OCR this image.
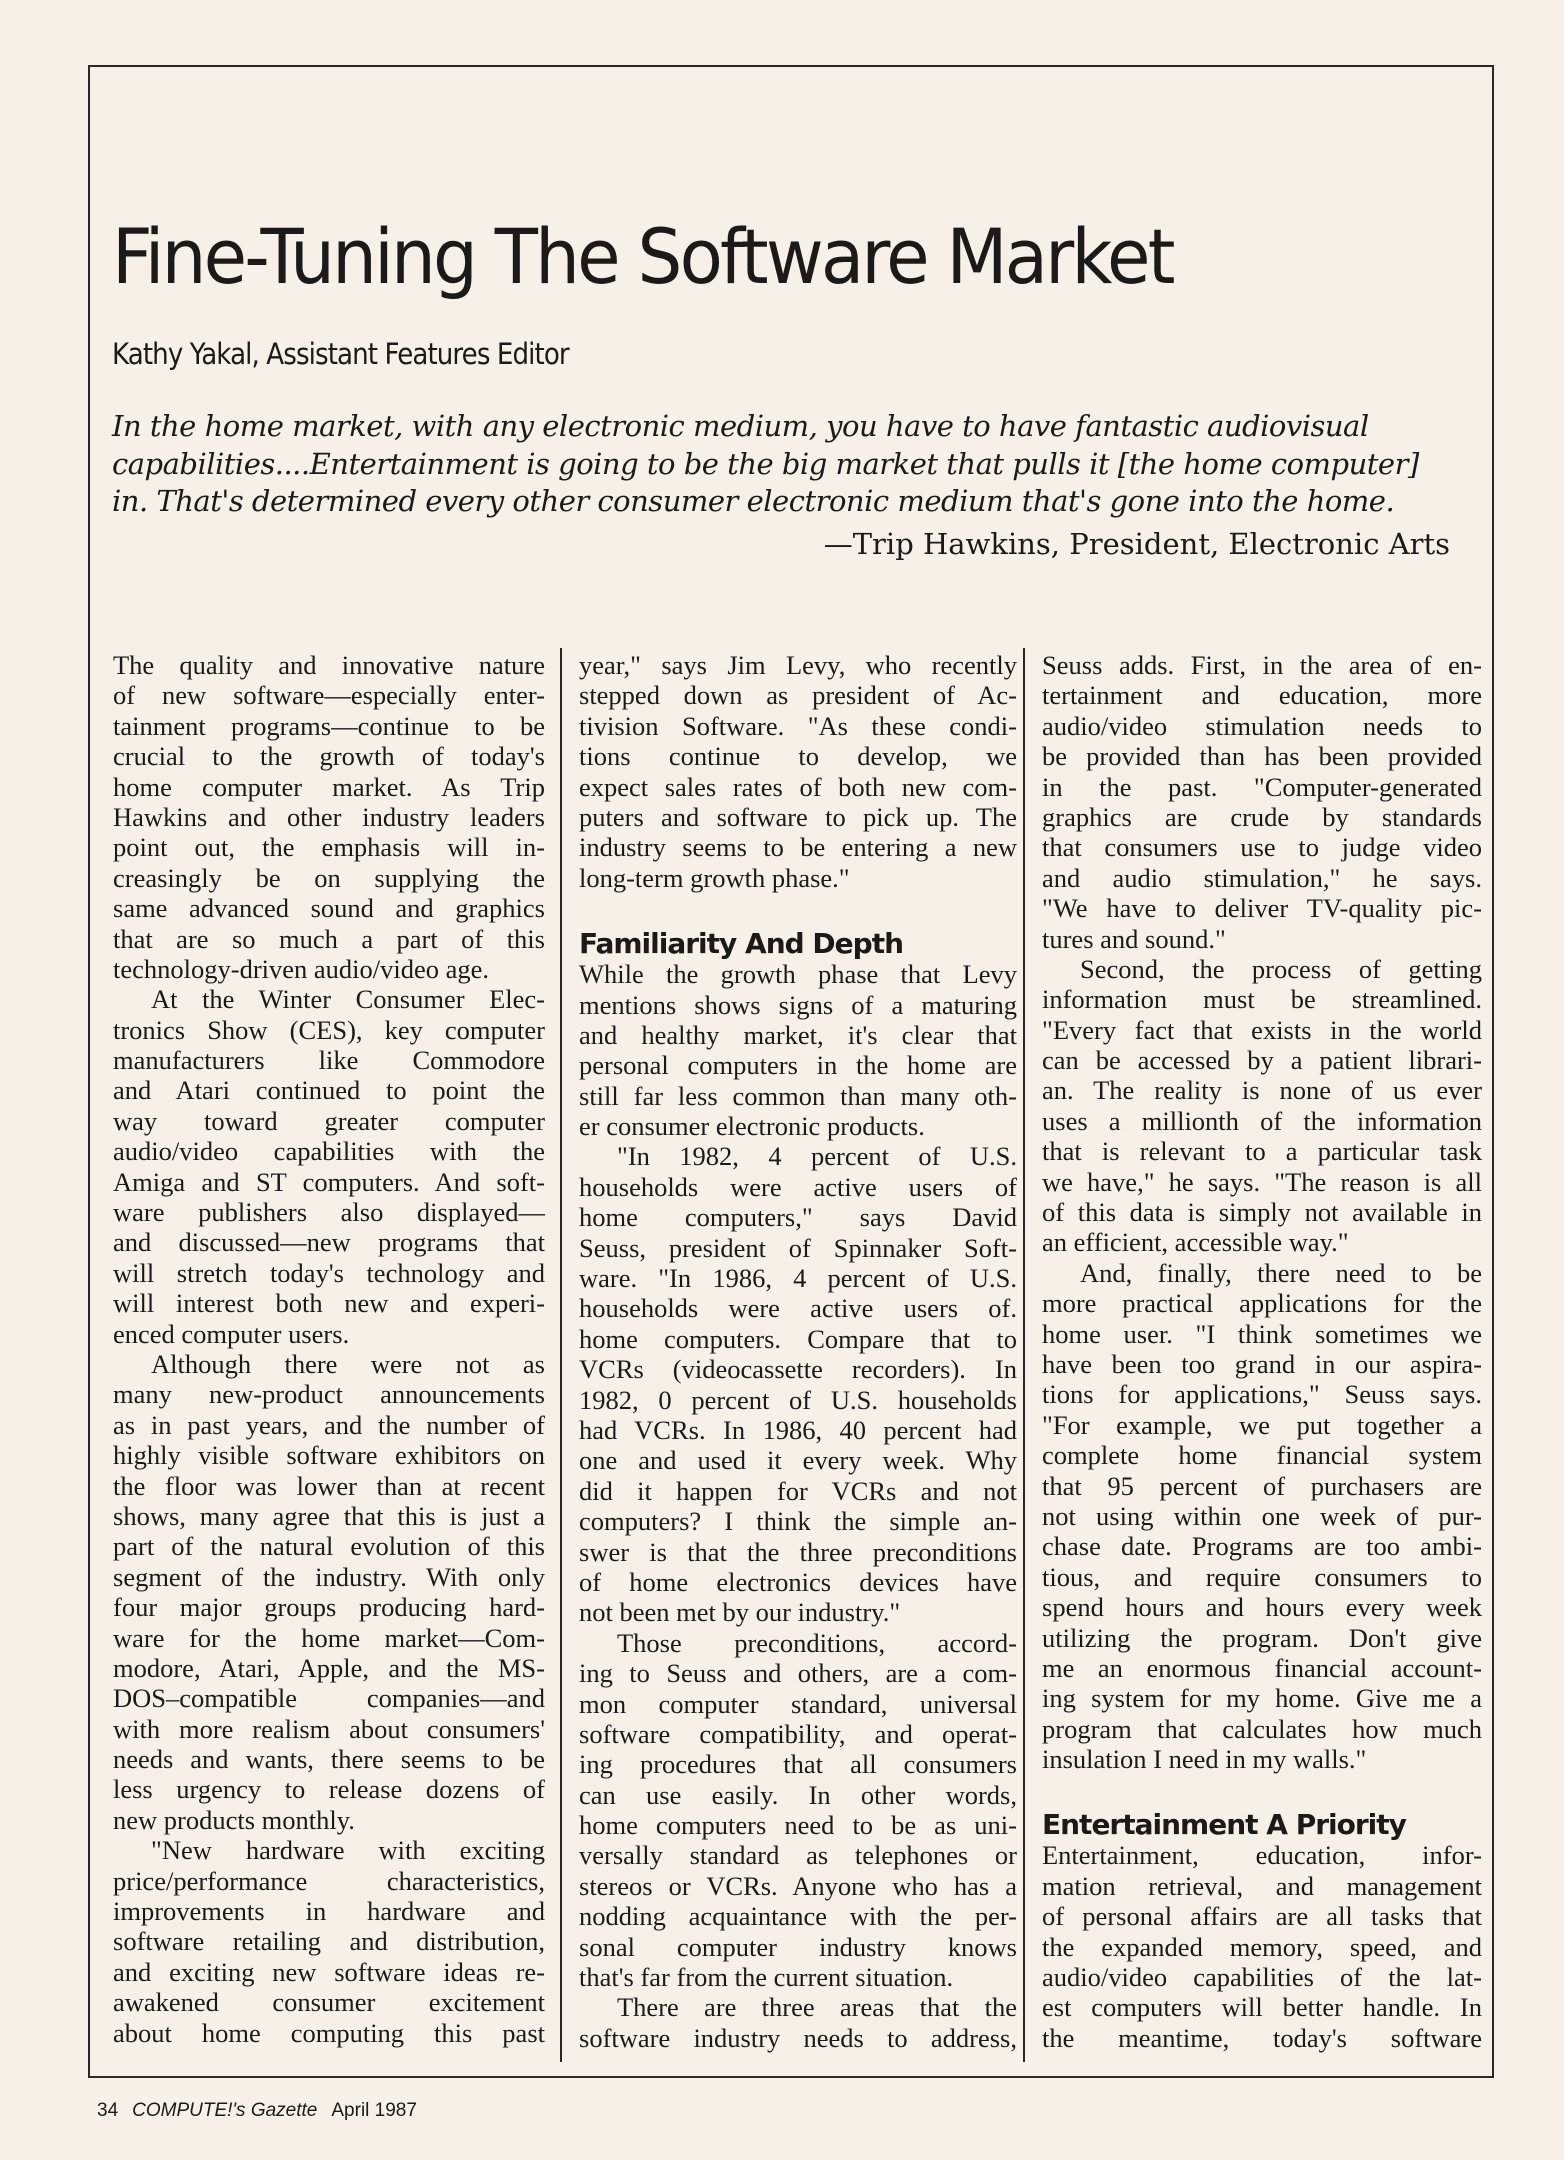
Fine-Tuning The Software Market
Kathy Yakal, Assistant Features Editor
In the home market, with any electronic medium, you have to have fantastic audiovisual
capabilities....Entertainment is going to be the big market that pulls it [the home computer]
in. That's determined every other consumer electronic medium that's gone into the home.
—Trip Hawkins, President, Electronic Arts
The quality and innovative nature
of new software—especially enter-
tainment programs—continue to be
crucial to the growth of today's
home computer market. As Trip
Hawkins and other industry leaders
point out, the emphasis will in-
creasingly be on supplying the
same advanced sound and graphics
that are so much a part of this
technology-driven audio/video age.
At the Winter Consumer Elec-
tronics Show (CES), key computer
manufacturers like Commodore
and Atari continued to point the
way toward greater computer
audio/video capabilities with the
Amiga and ST computers. And soft-
ware publishers also displayed—
and discussed—new programs that
will stretch today's technology and
will interest both new and experi-
enced computer users.
Although there were not as
many new-product announcements
as in past years, and the number of
highly visible software exhibitors on
the floor was lower than at recent
shows, many agree that this is just a
part of the natural evolution of this
segment of the industry. With only
four major groups producing hard-
ware for the home market—Com-
modore, Atari, Apple, and the MS-
DOS–compatible companies—and
with more realism about consumers'
needs and wants, there seems to be
less urgency to release dozens of
new products monthly.
"New hardware with exciting
price/performance characteristics,
improvements in hardware and
software retailing and distribution,
and exciting new software ideas re-
awakened consumer excitement
about home computing this past
year," says Jim Levy, who recently
stepped down as president of Ac-
tivision Software. "As these condi-
tions continue to develop, we
expect sales rates of both new com-
puters and software to pick up. The
industry seems to be entering a new
long-term growth phase."
Familiarity And Depth
While the growth phase that Levy
mentions shows signs of a maturing
and healthy market, it's clear that
personal computers in the home are
still far less common than many oth-
er consumer electronic products.
"In 1982, 4 percent of U.S.
households were active users of
home computers," says David
Seuss, president of Spinnaker Soft-
ware. "In 1986, 4 percent of U.S.
households were active users of.
home computers. Compare that to
VCRs (videocassette recorders). In
1982, 0 percent of U.S. households
had VCRs. In 1986, 40 percent had
one and used it every week. Why
did it happen for VCRs and not
computers? I think the simple an-
swer is that the three preconditions
of home electronics devices have
not been met by our industry."
Those preconditions, accord-
ing to Seuss and others, are a com-
mon computer standard, universal
software compatibility, and operat-
ing procedures that all consumers
can use easily. In other words,
home computers need to be as uni-
versally standard as telephones or
stereos or VCRs. Anyone who has a
nodding acquaintance with the per-
sonal computer industry knows
that's far from the current situation.
There are three areas that the
software industry needs to address,
Seuss adds. First, in the area of en-
tertainment and education, more
audio/video stimulation needs to
be provided than has been provided
in the past. "Computer-generated
graphics are crude by standards
that consumers use to judge video
and audio stimulation," he says.
"We have to deliver TV-quality pic-
tures and sound."
Second, the process of getting
information must be streamlined.
"Every fact that exists in the world
can be accessed by a patient librari-
an. The reality is none of us ever
uses a millionth of the information
that is relevant to a particular task
we have," he says. "The reason is all
of this data is simply not available in
an efficient, accessible way."
And, finally, there need to be
more practical applications for the
home user. "I think sometimes we
have been too grand in our aspira-
tions for applications," Seuss says.
"For example, we put together a
complete home financial system
that 95 percent of purchasers are
not using within one week of pur-
chase date. Programs are too ambi-
tious, and require consumers to
spend hours and hours every week
utilizing the program. Don't give
me an enormous financial account-
ing system for my home. Give me a
program that calculates how much
insulation I need in my walls."
Entertainment A Priority
Entertainment, education, infor-
mation retrieval, and management
of personal affairs are all tasks that
the expanded memory, speed, and
audio/video capabilities of the lat-
est computers will better handle. In
the meantime, today's software
34 COMPUTE!'s Gazette April 1987
